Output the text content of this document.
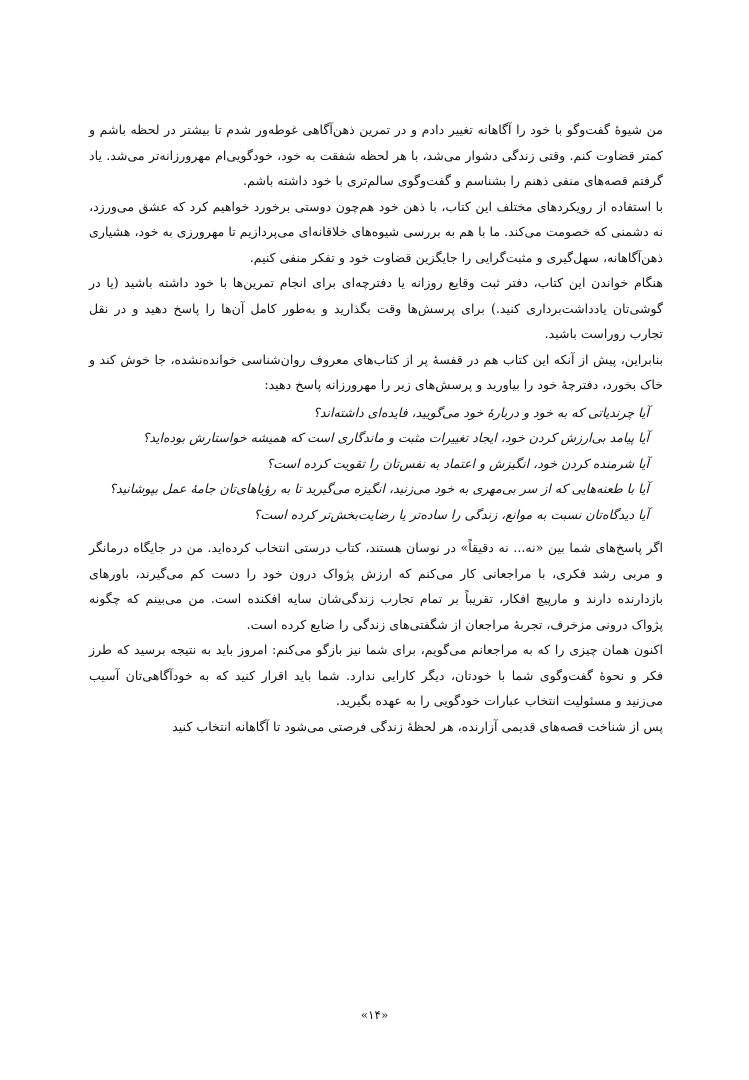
من شیوهٔ گفت‌وگو با خود را آگاهانه تغییر دادم و در تمرین ذهن‌آگاهی غوطه‌ور شدم تا بیشتر در لحظه باشم و کمتر قضاوت کنم. وقتی زندگی دشوار می‌شد، با هر لحظه شفقت به خود، خودگویی‌ام مهرورزانه‌تر می‌شد. یاد گرفتم قصه‌های منفی ذهنم را بشناسم و گفت‌وگوی سالم‌تری با خود داشته باشم.

با استفاده از رویکردهای مختلف این کتاب، با ذهن خود هم‌چون دوستی برخورد خواهیم کرد که عشق می‌ورزد، نه دشمنی که خصومت می‌کند. ما با هم به بررسی شیوه‌های خلاقانه‌ای می‌پردازیم تا مهرورزی به خود، هشیاری ذهن‌آگاهانه، سهل‌گیری و مثبت‌گرایی را جایگزین قضاوت خود و تفکر منفی کنیم.

هنگام خواندن این کتاب، دفتر ثبت وقایع روزانه یا دفترچه‌ای برای انجام تمرین‌ها با خود داشته باشید (یا در گوشی‌تان یادداشت‌برداری کنید.) برای پرسش‌ها وقت بگذارید و به‌طور کامل آن‌ها را پاسخ دهید و در نقل تجارب روراست باشید.

بنابراین، پیش از آنکه این کتاب هم در قفسهٔ پر از کتاب‌های معروف روان‌شناسی خوانده‌نشده، جا خوش کند و خاک بخورد، دفترچهٔ خود را بیاورید و پرسش‌های زیر را مهرورزانه پاسخ دهید:

آیا چرندیاتی که به خود و دربارهٔ خود می‌گویید، فایده‌ای داشته‌اند؟
آیا پیامد بی‌ارزش کردن خود، ایجاد تغییرات مثبت و ماندگاری است که همیشه خواستارش بوده‌اید؟
آیا شرمنده کردن خود، انگیزش و اعتماد به نفس‌تان را تقویت کرده است؟
آیا با طعنه‌هایی که از سر بی‌مهری به خود می‌زنید، انگیزه می‌گیرید تا به رؤیاهای‌تان جامهٔ عمل بپوشانید؟
آیا دیدگاه‌تان نسبت به موانع، زندگی را ساده‌تر یا رضایت‌بخش‌تر کرده است؟

اگر پاسخ‌های شما بین «نه... نه دقیقاً» در نوسان هستند، کتاب درستی انتخاب کرده‌اید. من در جایگاه درمانگر و مربی رشد فکری، با مراجعانی کار می‌کنم که ارزش پژواک درون خود را دست کم می‌گیرند، باورهای بازدارنده دارند و مارپیچ افکار، تقریباً بر تمام تجارب زندگی‌شان سایه افکنده است. من می‌بینم که چگونه پژواک درونی مزخرف، تجربهٔ مراجعان از شگفتی‌های زندگی را ضایع کرده است.

اکنون همان چیزی را که به مراجعانم می‌گویم، برای شما نیز بازگو می‌کنم: امروز باید به نتیجه برسید که طرز فکر و نحوهٔ گفت‌وگوی شما با خودتان، دیگر کارایی ندارد. شما باید اقرار کنید که به خودآگاهی‌تان آسیب می‌زنید و مسئولیت انتخاب عبارات خودگویی را به عهده بگیرید.

پس از شناخت قصه‌های قدیمی آزارنده، هر لحظهٔ زندگی فرصتی می‌شود تا آگاهانه انتخاب کنید

«۱۴»
